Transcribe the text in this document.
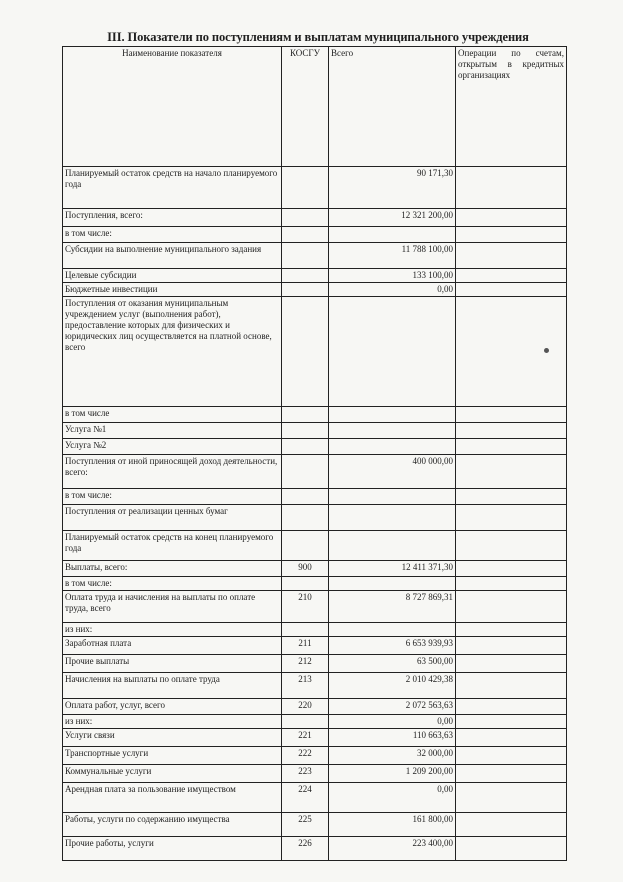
III. Показатели по поступлениям и выплатам муниципального учреждения
Наименование показателя	КОСГУ	Всего	Операции по счетам, открытым в кредитных организациях
Планируемый остаток средств на начало планируемого года		90 171,30	

Поступления, всего:		12 321 200,00	

в том числе:	

Субсидии на выполнение муниципального задания		11 788 100,00	

Целевые субсидии		133 100,00	

Бюджетные инвестиции		0,00	

Поступления от оказания муниципальным учреждением услуг (выполнения работ), предоставление которых для физических и юридических лиц осуществляется на платной основе, всего	

в том числе	

Услуга №1	

Услуга №2	

Поступления от иной приносящей доход деятельности, всего:		400 000,00	

в том числе:	

Поступления от реализации ценных бумаг	

Планируемый остаток средств на конец планируемого года	

Выплаты, всего:	900	12 411 371,30	

в том числе:	

Оплата труда и начисления на выплаты по оплате труда, всего	210	8 727 869,31	

из них:	

Заработная плата	211	6 653 939,93	

Прочие выплаты	212	63 500,00	

Начисления на выплаты по оплате труда	213	2 010 429,38	

Оплата работ, услуг, всего	220	2 072 563,63	

из них:		0,00	

Услуги связи	221	110 663,63	

Транспортные услуги	222	32 000,00	

Коммунальные услуги	223	1 209 200,00	

Арендная плата за пользование имуществом	224	0,00	

Работы, услуги по содержанию имущества	225	161 800,00	

Прочие работы, услуги	226	223 400,00	
